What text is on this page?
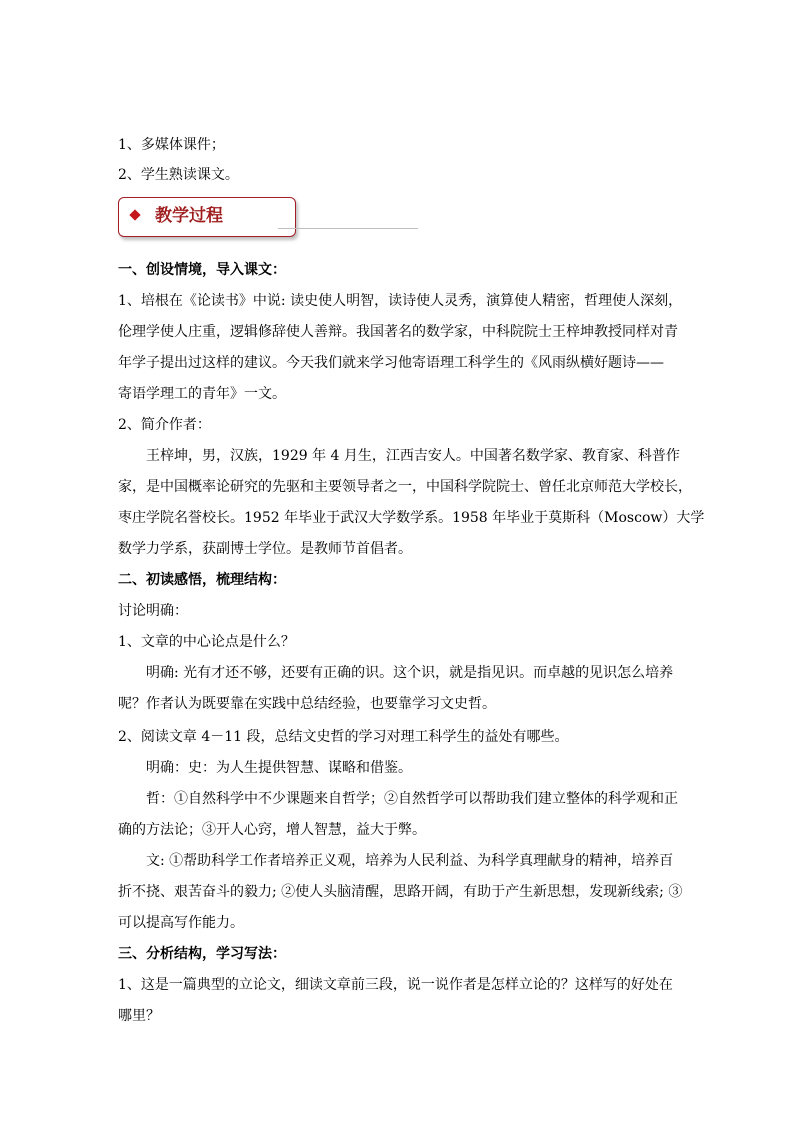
1、多媒体课件；
2、学生熟读课文。
教学过程
一、创设情境，导入课文：
1、培根在《论读书》中说: 读史使人明智，读诗使人灵秀，演算使人精密，哲理使人深刻，
伦理学使人庄重，逻辑修辞使人善辩。我国著名的数学家，中科院院士王梓坤教授同样对青
年学子提出过这样的建议。今天我们就来学习他寄语理工科学生的《风雨纵横好题诗——
寄语学理工的青年》一文。
2、简介作者：
王梓坤，男，汉族，1929 年 4 月生，江西吉安人。中国著名数学家、教育家、科普作
家，是中国概率论研究的先驱和主要领导者之一，中国科学院院士、曾任北京师范大学校长，
枣庄学院名誉校长。1952 年毕业于武汉大学数学系。1958 年毕业于莫斯科（Moscow）大学
数学力学系，获副博士学位。是教师节首倡者。
二、初读感悟，梳理结构：
讨论明确：
1、文章的中心论点是什么？
明确: 光有才还不够，还要有正确的识。这个识，就是指见识。而卓越的见识怎么培养
呢？作者认为既要靠在实践中总结经验，也要靠学习文史哲。
2、阅读文章 4－11 段，总结文史哲的学习对理工科学生的益处有哪些。
明确：史：为人生提供智慧、谋略和借鉴。
哲：①自然科学中不少课题来自哲学；②自然哲学可以帮助我们建立整体的科学观和正
确的方法论；③开人心窍，增人智慧，益大于弊。
文: ①帮助科学工作者培养正义观，培养为人民利益、为科学真理献身的精神，培养百
折不挠、艰苦奋斗的毅力; ②使人头脑清醒，思路开阔，有助于产生新思想，发现新线索; ③
可以提高写作能力。
三、分析结构，学习写法：
1、这是一篇典型的立论文，细读文章前三段，说一说作者是怎样立论的？这样写的好处在
哪里？
